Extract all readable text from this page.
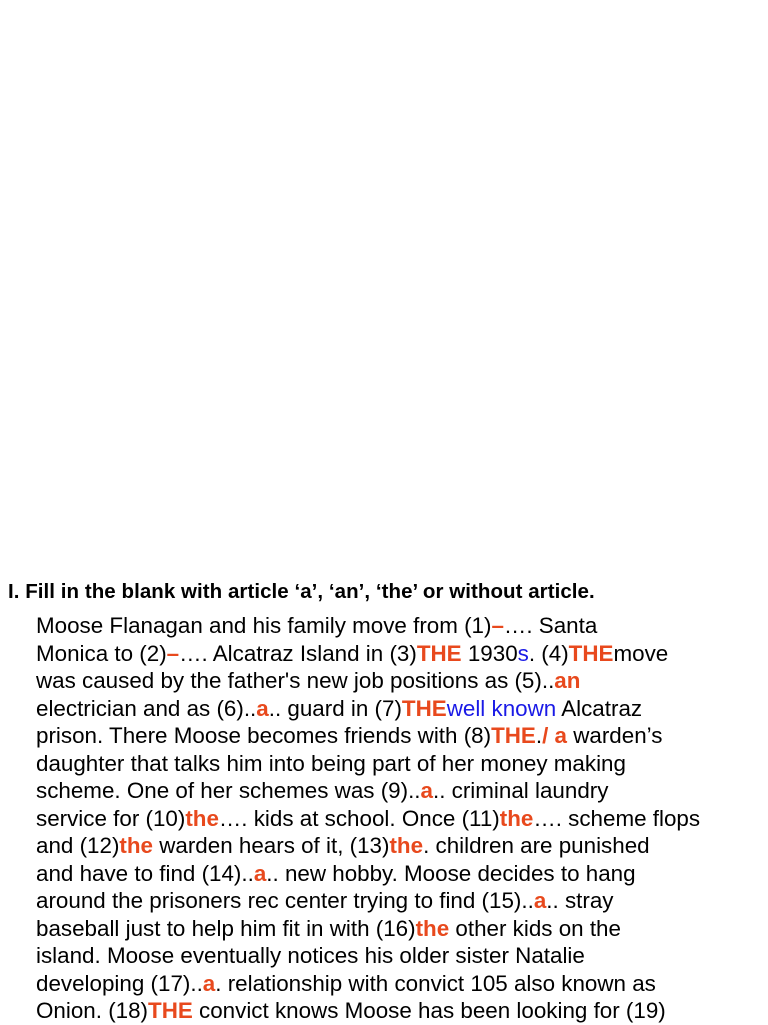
I. Fill in the blank with article ‘a’, ‘an’, ‘the’ or without article.
Moose Flanagan and his family move from (1)–…. Santa
Monica to (2)–…. Alcatraz Island in (3)THE 1930s. (4)THEmove
was caused by the father's new job positions as (5)..an
electrician and as (6)..a.. guard in (7)THEwell known Alcatraz
prison. There Moose becomes friends with (8)THE./ a warden’s
daughter that talks him into being part of her money making
scheme. One of her schemes was (9)..a.. criminal laundry
service for (10)the…. kids at school. Once (11)the…. scheme flops
and (12)the warden hears of it, (13)the. children are punished
and have to find (14)..a.. new hobby. Moose decides to hang
around the prisoners rec center trying to find (15)..a.. stray
baseball just to help him fit in with (16)the other kids on the
island. Moose eventually notices his older sister Natalie
developing (17)..a. relationship with convict 105 also known as
Onion. (18)THE convict knows Moose has been looking for (19)
